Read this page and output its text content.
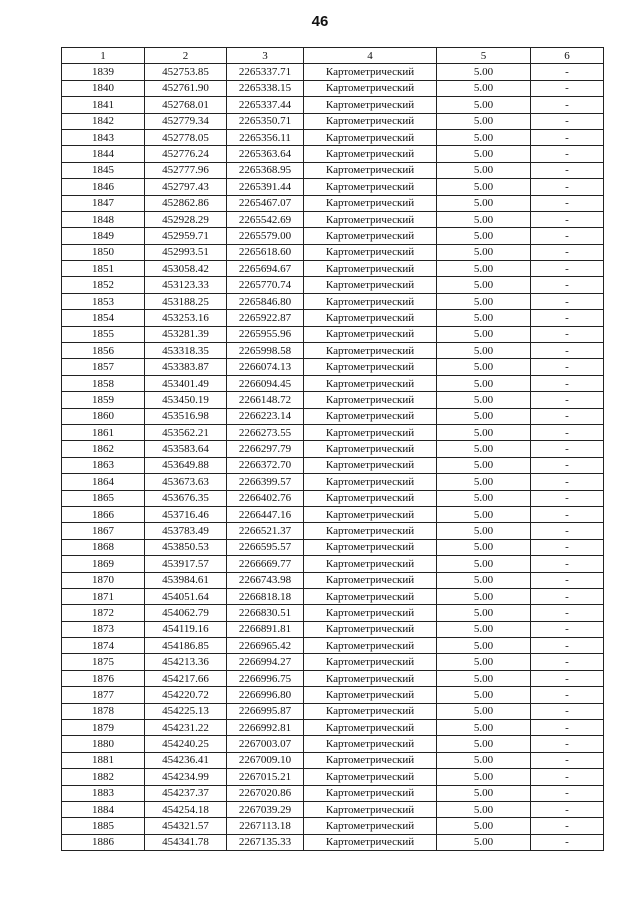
46
1	2	3	4	5	6
1839	452753.85	2265337.71	Картометрический	5.00	-
1840	452761.90	2265338.15	Картометрический	5.00	-
1841	452768.01	2265337.44	Картометрический	5.00	-
1842	452779.34	2265350.71	Картометрический	5.00	-
1843	452778.05	2265356.11	Картометрический	5.00	-
1844	452776.24	2265363.64	Картометрический	5.00	-
1845	452777.96	2265368.95	Картометрический	5.00	-
1846	452797.43	2265391.44	Картометрический	5.00	-
1847	452862.86	2265467.07	Картометрический	5.00	-
1848	452928.29	2265542.69	Картометрический	5.00	-
1849	452959.71	2265579.00	Картометрический	5.00	-
1850	452993.51	2265618.60	Картометрический	5.00	-
1851	453058.42	2265694.67	Картометрический	5.00	-
1852	453123.33	2265770.74	Картометрический	5.00	-
1853	453188.25	2265846.80	Картометрический	5.00	-
1854	453253.16	2265922.87	Картометрический	5.00	-
1855	453281.39	2265955.96	Картометрический	5.00	-
1856	453318.35	2265998.58	Картометрический	5.00	-
1857	453383.87	2266074.13	Картометрический	5.00	-
1858	453401.49	2266094.45	Картометрический	5.00	-
1859	453450.19	2266148.72	Картометрический	5.00	-
1860	453516.98	2266223.14	Картометрический	5.00	-
1861	453562.21	2266273.55	Картометрический	5.00	-
1862	453583.64	2266297.79	Картометрический	5.00	-
1863	453649.88	2266372.70	Картометрический	5.00	-
1864	453673.63	2266399.57	Картометрический	5.00	-
1865	453676.35	2266402.76	Картометрический	5.00	-
1866	453716.46	2266447.16	Картометрический	5.00	-
1867	453783.49	2266521.37	Картометрический	5.00	-
1868	453850.53	2266595.57	Картометрический	5.00	-
1869	453917.57	2266669.77	Картометрический	5.00	-
1870	453984.61	2266743.98	Картометрический	5.00	-
1871	454051.64	2266818.18	Картометрический	5.00	-
1872	454062.79	2266830.51	Картометрический	5.00	-
1873	454119.16	2266891.81	Картометрический	5.00	-
1874	454186.85	2266965.42	Картометрический	5.00	-
1875	454213.36	2266994.27	Картометрический	5.00	-
1876	454217.66	2266996.75	Картометрический	5.00	-
1877	454220.72	2266996.80	Картометрический	5.00	-
1878	454225.13	2266995.87	Картометрический	5.00	-
1879	454231.22	2266992.81	Картометрический	5.00	-
1880	454240.25	2267003.07	Картометрический	5.00	-
1881	454236.41	2267009.10	Картометрический	5.00	-
1882	454234.99	2267015.21	Картометрический	5.00	-
1883	454237.37	2267020.86	Картометрический	5.00	-
1884	454254.18	2267039.29	Картометрический	5.00	-
1885	454321.57	2267113.18	Картометрический	5.00	-
1886	454341.78	2267135.33	Картометрический	5.00	-
